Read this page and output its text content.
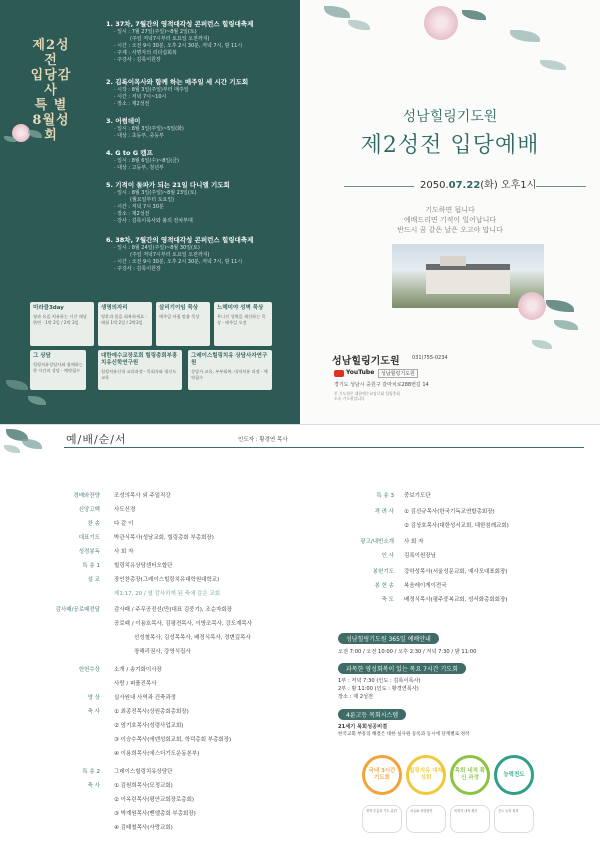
제2성전
입당감사
특 별
8월성회
1. 37차, 7월간의 영적대각성 콘퍼런스 힐링대축제
· 일시 : 7월 27일(주일)~8월 2일(토)
(주일 저녁7시부터 토요일 오전까지)
· 시간 : 오전 9시 30분, 오후 2시 30분, 저녁 7시, 밤 11시
· 주제 : 사명자의 리더십회복
· 주강사 : 김록이원장
2. 김록이목사와 함께 하는 매주일 세 시간 기도회
· 시작 : 8월 3일(주일)부터 매주일
· 시간 : 저녁 7시~10시
· 장소 : 제2성전
3. 어썸데이
· 일시 : 8월 3일(주일)~5일(화)
· 대상 : 초등부, 중등부
4. G to G 캠프
· 일시 : 8월 6일(수)~8일(금)
· 대상 : 고등부, 청년부
5. 기적이 돌파가 되는 21일 다니엘 기도회
· 일시 : 8월 3일(주일)~8월 23일(토)
(월요일부터 토요일)
· 시간 : 저녁 7시 30분
· 장소 : 제2성전
· 강사 : 김록이목사와 불의 전차부대
6. 38차, 7월간의 영적대각성 콘퍼런스 힐링대축제
· 일시 : 8월 24일(주일)~8월 30일(토)
(주일 저녁7시부터 토요일 오전까지)
· 시간 : 오전 9시 30분, 오후 2시 30분, 저녁 7시, 밤 11시
· 주강사 : 김록이원장
미라클3day
영과 육을 치유하는 시간 매달 한번 · 1박 2일 / 2박 3일
생명의자리
영혼과 몸을 회복하세요 · 매월 1박 2일 / 2박3일
살리기이임 묵상
매주일 아침 말씀 묵상
느헤미야 성벽 묵상
무너진 성벽을 재건하는 묵상 · 매주일 오전
그 상담
힐링치유상담사와 함께하는 한 시간의 상담 · 예약필수
대한예수교장로회 힐링총회부흥치유신학연구원
힐링치유신학 교과과정 · 목회자와 평신도 교육
그레이스힐링치유 상담사자연구원
상담자 교육, 부부회복, 내적치유 과정 · 예약필수
성남힐링기도원
제2성전 입당예배
2050.07.22(화) 오후1시
기도하면 됩니다
예배드리면 기적이 일어납니다
반드시 꿈 같은 날은 오고야 맙니다
성남힐링기도원 031)755-0234
YouTube	성남힐링기도원
경기도 성남시 중원구 갈마치로288번길 14
본 기도원은 대한예수교장로회 힐링총회
소속 기도원입니다
예/배/순/서	인도자 : 황경연 목사
경배와찬양	조성의목사 외 주일직강
신앙고백	사도신경
찬 송	다 같 이
대표기도	박관식목사(성남교회, 힐링총회 부총회장)
성경봉독	사 회 자
특 송 1	힐링치유상담센터오합단
설 교	장인찬총장(그레이스힐링치유대학원대학교)
제1:17, 20 / 열 감사하게 된 축에 감은 교회
감사패/공로패전달	감사패 / 주무공전선(만(대표 김중기), 조순자회장
공로패 / 이용호목사, 김평전목사, 이방조목사, 강도재목사
선성철목사, 김성목목사, 배정식목사, 정변길목사
장해리권사, 강영식집사
헌헌수상	소개 / 송기화이사장
사랑 / 퍼플진목사
영 상	실사원내 사역과 건축과정
축 사	① 최종전목사(상원총회총회장)
② 엄기호목사(성령사업교회)
③ 이승수목사(에덴성회교회, 학덕총회 부총회장)
④ 이용희목사(에스더기도운동본부)
특 송 2	그레이스힐링치유상담단
축 사	① 김원희목사(모정교회)
② 이옥린목사(평안교회장로총회)
③ 박계원목사(벧엘총회 부총회장)
④ 김태철목사(사랑교회)
특 송 3 중보기도단
격 려 사 ① 김선규목사(한국기독교연합총회장)
② 김상호목사(대한성서교회, 대한침례교회)
광고/내빈소개 사 회 자
인 사 김록이원장님
봉헌기도 강하성목사(서울성문교회, 예사모대표회장)
봉 헌 송 복음레이게이전국
축 도 배정식목사(평주중복교회, 성서화총회회장)
성남힐링기도원 365일 예배안내
오전 7:00 / 오전 10:00 / 오후 2:30 / 저녁 7:30 / 밤 11:00
과목한 영성회복이 있는 목요 7시간 기도회
1부 : 저녁 7:30 (인도 : 김록이목사)
2부 : 밤 11:00 (인도 : 황경연목사)
장소 : 제 2성전
4룬고등 목회시스템
21세기 목회성공비결
한국교회 부흥의 해결은 대한 실사원 등록과 동시에 단계별로 정착
국내 3시간 기도회
영적 부흥과 기도 훈련
힐링치유 대체성회
치유와 성령충만
목회 내적 확신 과정
목회자 내적 확신
능력전도
전도 능력 회복
